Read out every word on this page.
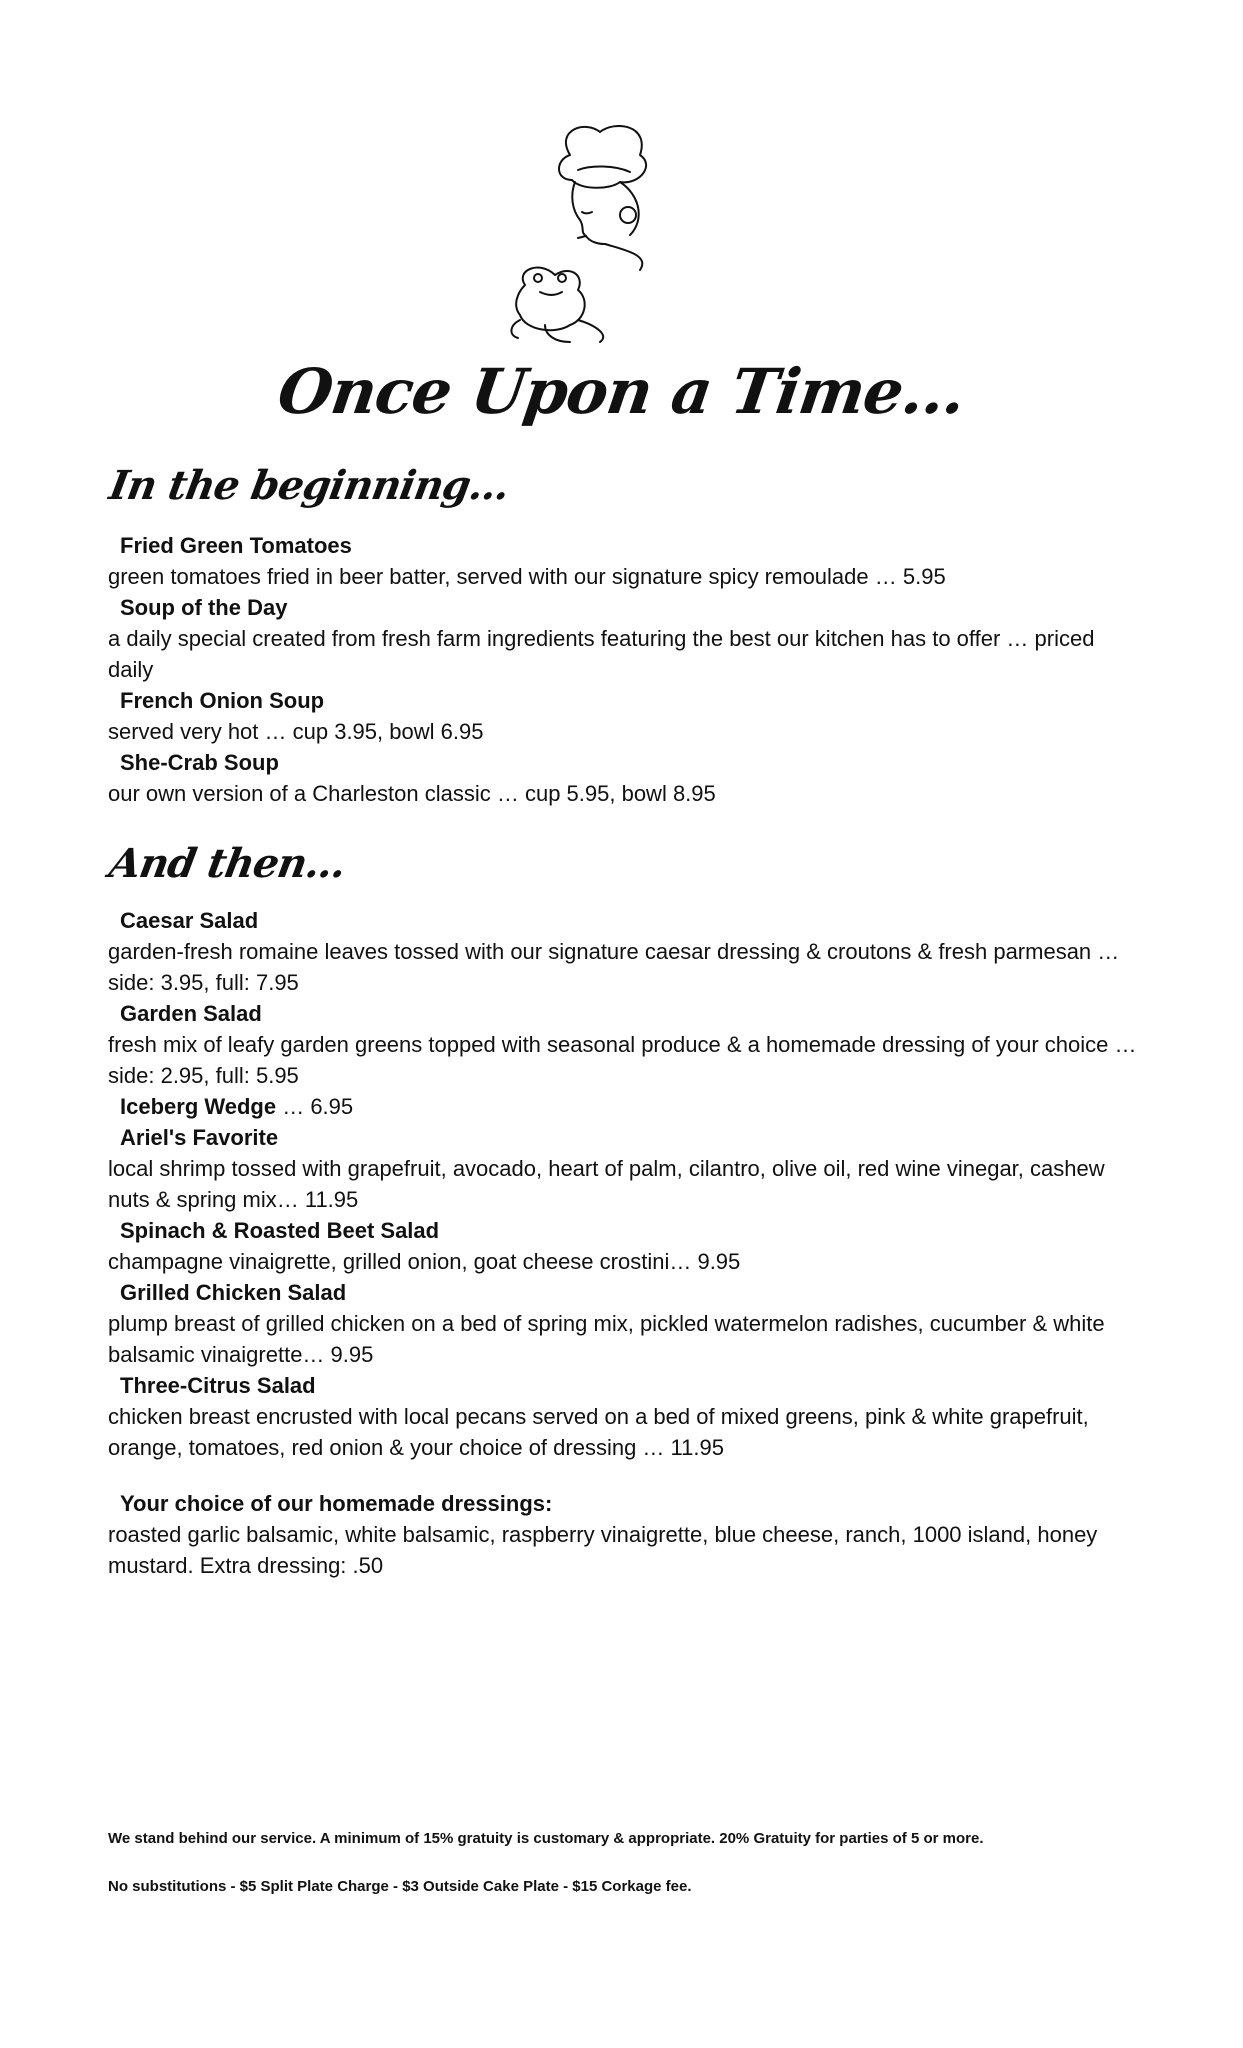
Once Upon a Time...
In the beginning...

Fried Green Tomatoes

green tomatoes fried in beer batter, served with our signature spicy remoulade … 5.95

Soup of the Day

a daily special created from fresh farm ingredients featuring the best our kitchen has to offer … priced daily

French Onion Soup

served very hot … cup 3.95, bowl 6.95

She-Crab Soup

our own version of a Charleston classic … cup 5.95, bowl 8.95

And then...

Caesar Salad

garden-fresh romaine leaves tossed with our signature caesar dressing & croutons & fresh parmesan … side: 3.95, full: 7.95

Garden Salad

fresh mix of leafy garden greens topped with seasonal produce & a homemade dressing of your choice … side: 2.95, full: 5.95

Iceberg Wedge … 6.95

Ariel's Favorite

local shrimp tossed with grapefruit, avocado, heart of palm, cilantro, olive oil, red wine vinegar, cashew nuts & spring mix… 11.95

Spinach & Roasted Beet Salad

champagne vinaigrette, grilled onion, goat cheese crostini… 9.95

Grilled Chicken Salad

plump breast of grilled chicken on a bed of spring mix, pickled watermelon radishes, cucumber & white balsamic vinaigrette… 9.95

Three-Citrus Salad

chicken breast encrusted with local pecans served on a bed of mixed greens, pink & white grapefruit, orange, tomatoes, red onion & your choice of dressing … 11.95

Your choice of our homemade dressings:

roasted garlic balsamic, white balsamic, raspberry vinaigrette, blue cheese, ranch, 1000 island, honey mustard. Extra dressing: .50

We stand behind our service. A minimum of 15% gratuity is customary & appropriate. 20% Gratuity for parties of 5 or more.
No substitutions - $5 Split Plate Charge - $3 Outside Cake Plate - $15 Corkage fee.
